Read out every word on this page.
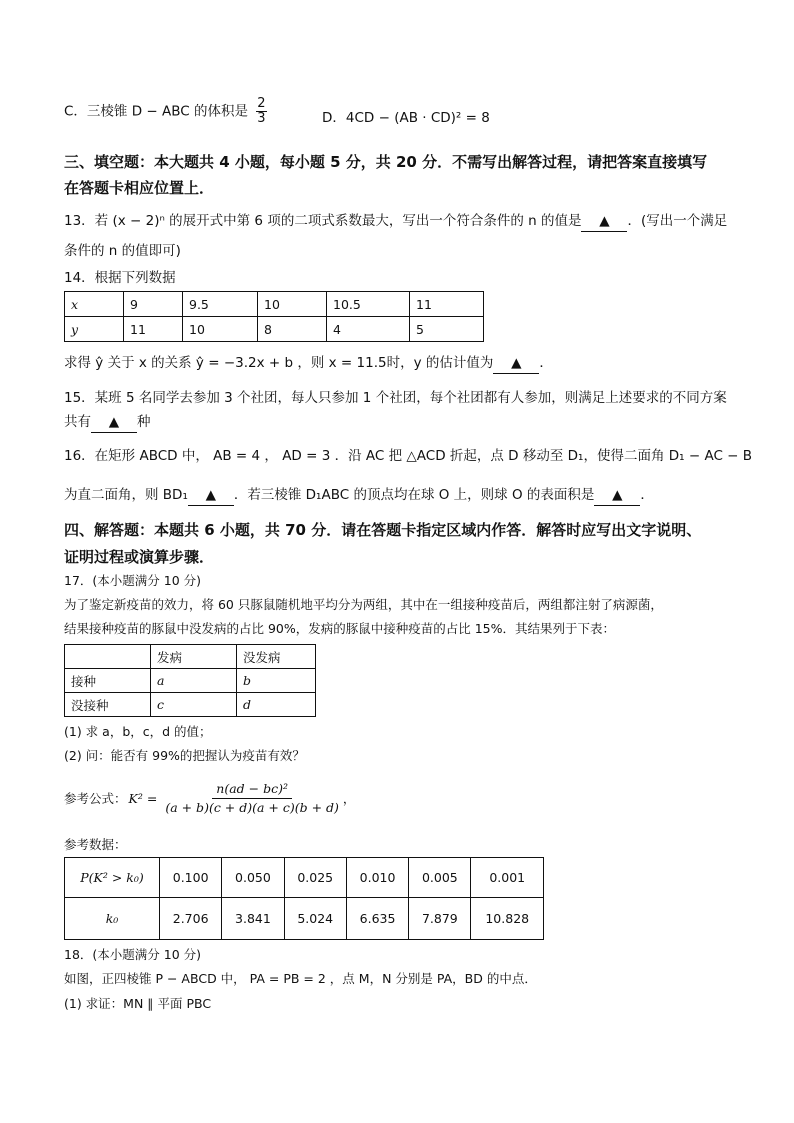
C．三棱锥 D − ABC 的体积是 $\frac{2}{3}$	D．4CD − (AB · CD)² = 8
三、填空题：本大题共 4 小题，每小题 5 分，共 20 分．不需写出解答过程，请把答案直接填写
在答题卡相应位置上．
13．若 (x − 2)ⁿ 的展开式中第 6 项的二项式系数最大，写出一个符合条件的 n 的值是 ▲ ．(写出一个满足
条件的 n 的值即可)
14．根据下列数据
x	9	9.5	10	10.5	11
y	11	10	8	4	5
求得 ŷ 关于 x 的关系 ŷ = −3.2x + b ，则 x = 11.5时，y 的估计值为 ▲ ．
15．某班 5 名同学去参加 3 个社团，每人只参加 1 个社团，每个社团都有人参加，则满足上述要求的不同方案
共有 ▲ 种
16．在矩形 ABCD 中， AB = 4 ， AD = 3 ．沿 AC 把 △ACD 折起，点 D 移动至 D₁，使得二面角 D₁ − AC − B
为直二面角，则 BD₁ ▲ ．若三棱锥 D₁ABC 的顶点均在球 O 上，则球 O 的表面积是 ▲ ．
四、解答题：本题共 6 小题，共 70 分．请在答题卡指定区域内作答．解答时应写出文字说明、
证明过程或演算步骤．
17．(本小题满分 10 分)
为了鉴定新疫苗的效力，将 60 只豚鼠随机地平均分为两组，其中在一组接种疫苗后，两组都注射了病源菌，
结果接种疫苗的豚鼠中没发病的占比 90%，发病的豚鼠中接种疫苗的占比 15%．其结果列于下表：
	发病	没发病
接种	a	b
没接种	c	d
(1) 求 a，b，c，d 的值；
(2) 问：能否有 99%的把握认为疫苗有效？
参考公式： $K^2 = \frac{\text{n(ad − bc)²}}{(a + b)(c + d)(a + c)(b + d)}$ ，
参考数据：
P(K² > k₀)	0.100	0.050	0.025	0.010	0.005	0.001
k₀	2.706	3.841	5.024	6.635	7.879	10.828
18．(本小题满分 10 分)
如图，正四棱锥 P − ABCD 中， PA = PB = 2 ，点 M，N 分别是 PA，BD 的中点．
(1) 求证：MN ∥ 平面 PBC
